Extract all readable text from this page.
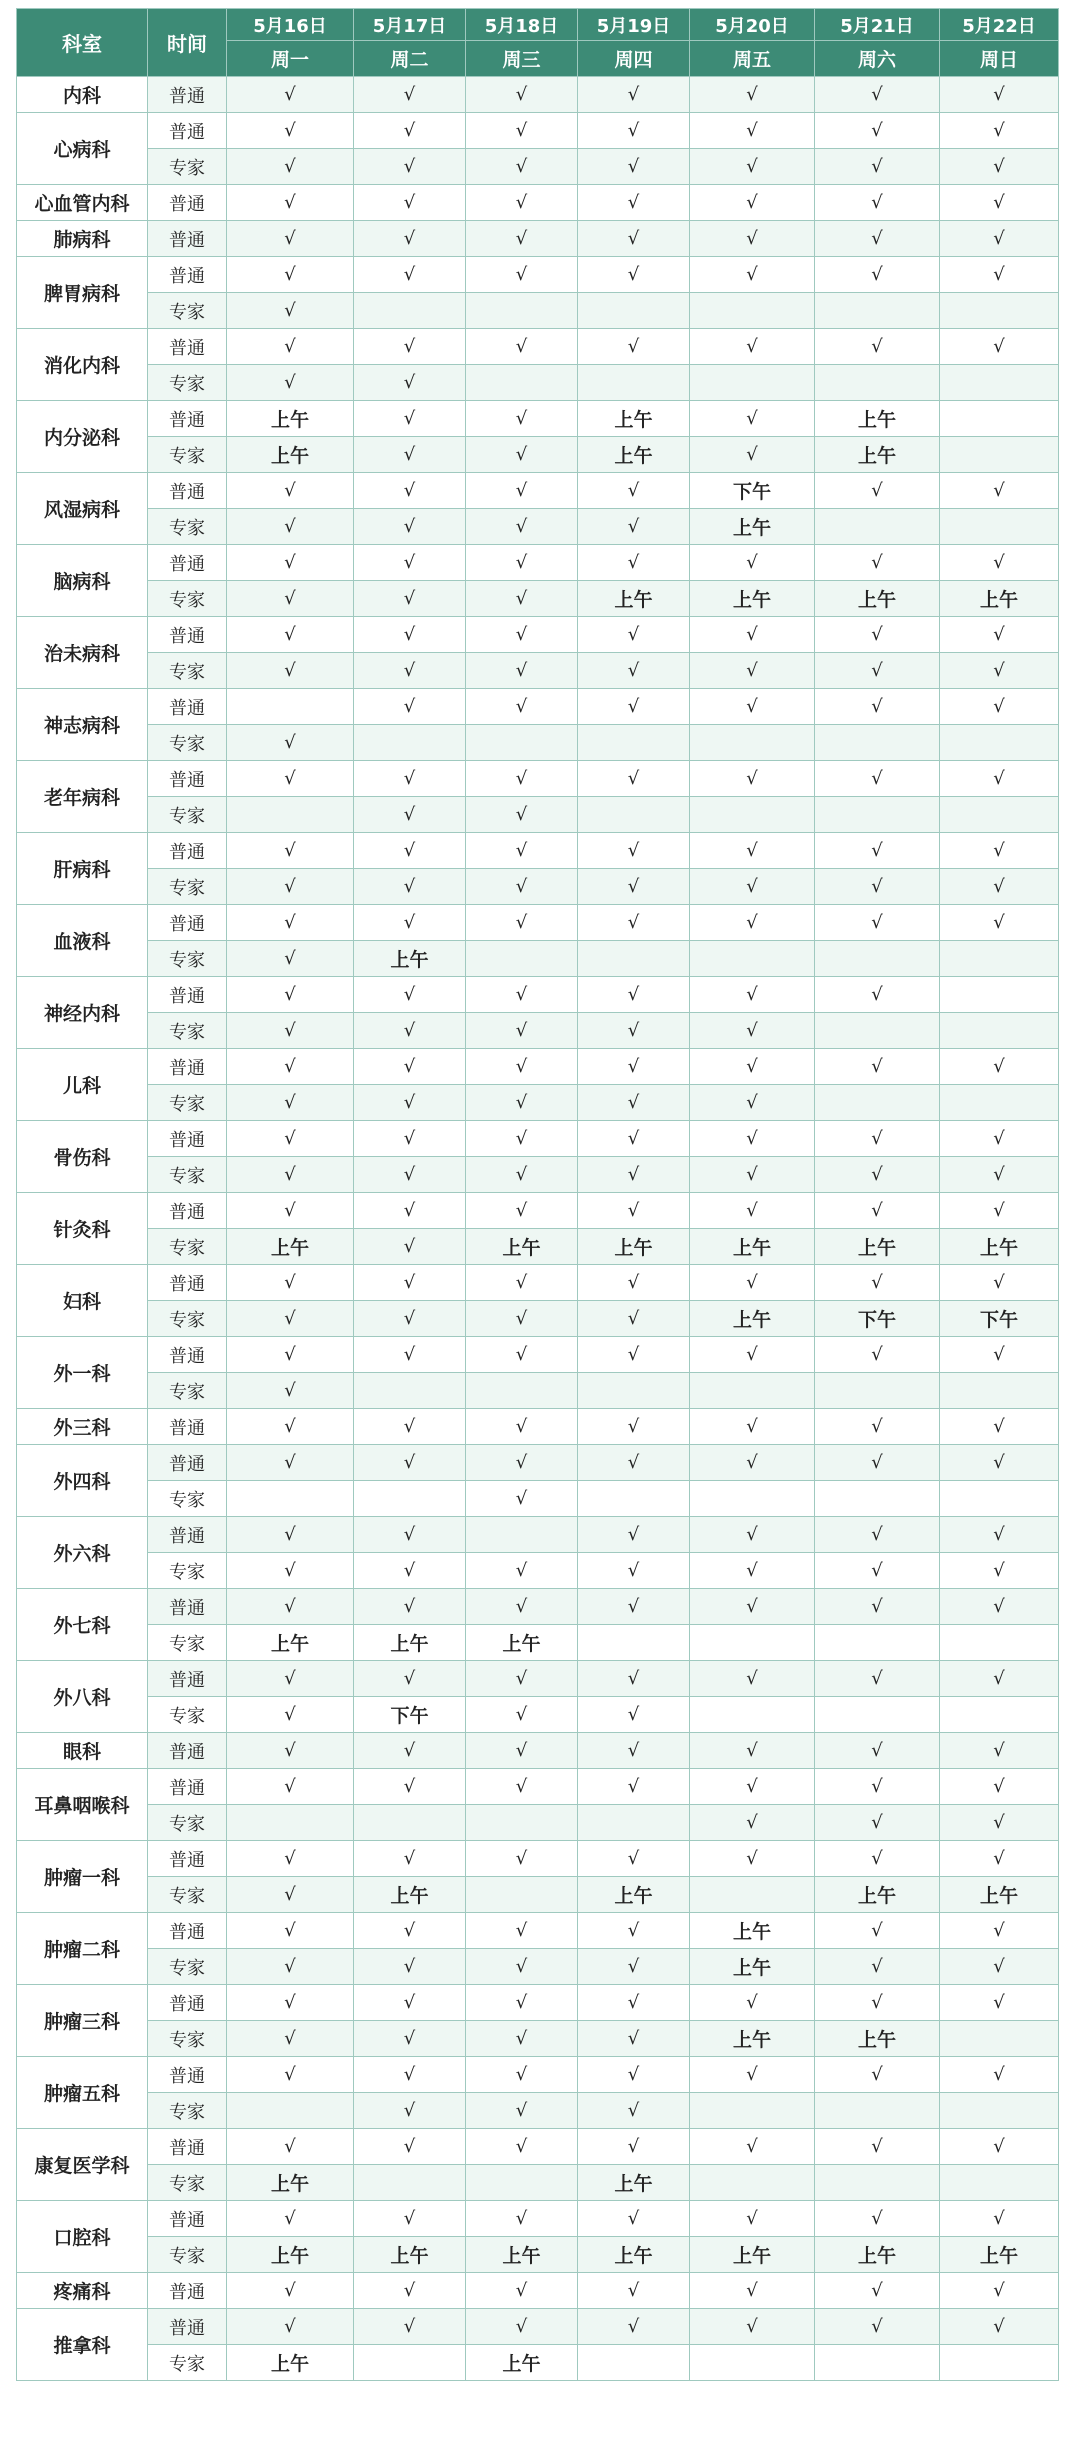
科室	时间	5月16日	5月17日	5月18日	5月19日	5月20日	5月21日	5月22日
		周一	周二	周三	周四	周五	周六	周日
内科	普通	√	√	√	√	√	√	√
心病科	普通	√	√	√	√	√	√	√
	专家	√	√	√	√	√	√	√
心血管内科	普通	√	√	√	√	√	√	√
肺病科	普通	√	√	√	√	√	√	√
脾胃病科	普通	√	√	√	√	√	√	√
	专家	√						
消化内科	普通	√	√	√	√	√	√	√
	专家	√	√					
内分泌科	普通	上午	√	√	上午	√	上午	
	专家	上午	√	√	上午	√	上午	
风湿病科	普通	√	√	√	√	下午	√	√
	专家	√	√	√	√	上午		
脑病科	普通	√	√	√	√	√	√	√
	专家	√	√	√	上午	上午	上午	上午
治未病科	普通	√	√	√	√	√	√	√
	专家	√	√	√	√	√	√	√
神志病科	普通		√	√	√	√	√	√
	专家	√						
老年病科	普通	√	√	√	√	√	√	√
	专家		√	√				
肝病科	普通	√	√	√	√	√	√	√
	专家	√	√	√	√	√	√	√
血液科	普通	√	√	√	√	√	√	√
	专家	√	上午					
神经内科	普通	√	√	√	√	√	√	
	专家	√	√	√	√	√		
儿科	普通	√	√	√	√	√	√	√
	专家	√	√	√	√	√		
骨伤科	普通	√	√	√	√	√	√	√
	专家	√	√	√	√	√	√	√
针灸科	普通	√	√	√	√	√	√	√
	专家	上午	√	上午	上午	上午	上午	上午
妇科	普通	√	√	√	√	√	√	√
	专家	√	√	√	√	上午	下午	下午
外一科	普通	√	√	√	√	√	√	√
	专家	√						
外三科	普通	√	√	√	√	√	√	√
外四科	普通	√	√	√	√	√	√	√
	专家			√				
外六科	普通	√	√		√	√	√	√
	专家	√	√	√	√	√	√	√
外七科	普通	√	√	√	√	√	√	√
	专家	上午	上午	上午				
外八科	普通	√	√	√	√	√	√	√
	专家	√	下午	√	√			
眼科	普通	√	√	√	√	√	√	√
耳鼻咽喉科	普通	√	√	√	√	√	√	√
	专家					√	√	√
肿瘤一科	普通	√	√	√	√	√	√	√
	专家	√	上午		上午		上午	上午
肿瘤二科	普通	√	√	√	√	上午	√	√
	专家	√	√	√	√	上午	√	√
肿瘤三科	普通	√	√	√	√	√	√	√
	专家	√	√	√	√	上午	上午	
肿瘤五科	普通	√	√	√	√	√	√	√
	专家		√	√	√			
康复医学科	普通	√	√	√	√	√	√	√
	专家	上午			上午			
口腔科	普通	√	√	√	√	√	√	√
	专家	上午	上午	上午	上午	上午	上午	上午
疼痛科	普通	√	√	√	√	√	√	√
推拿科	普通	√	√	√	√	√	√	√
	专家	上午		上午				
